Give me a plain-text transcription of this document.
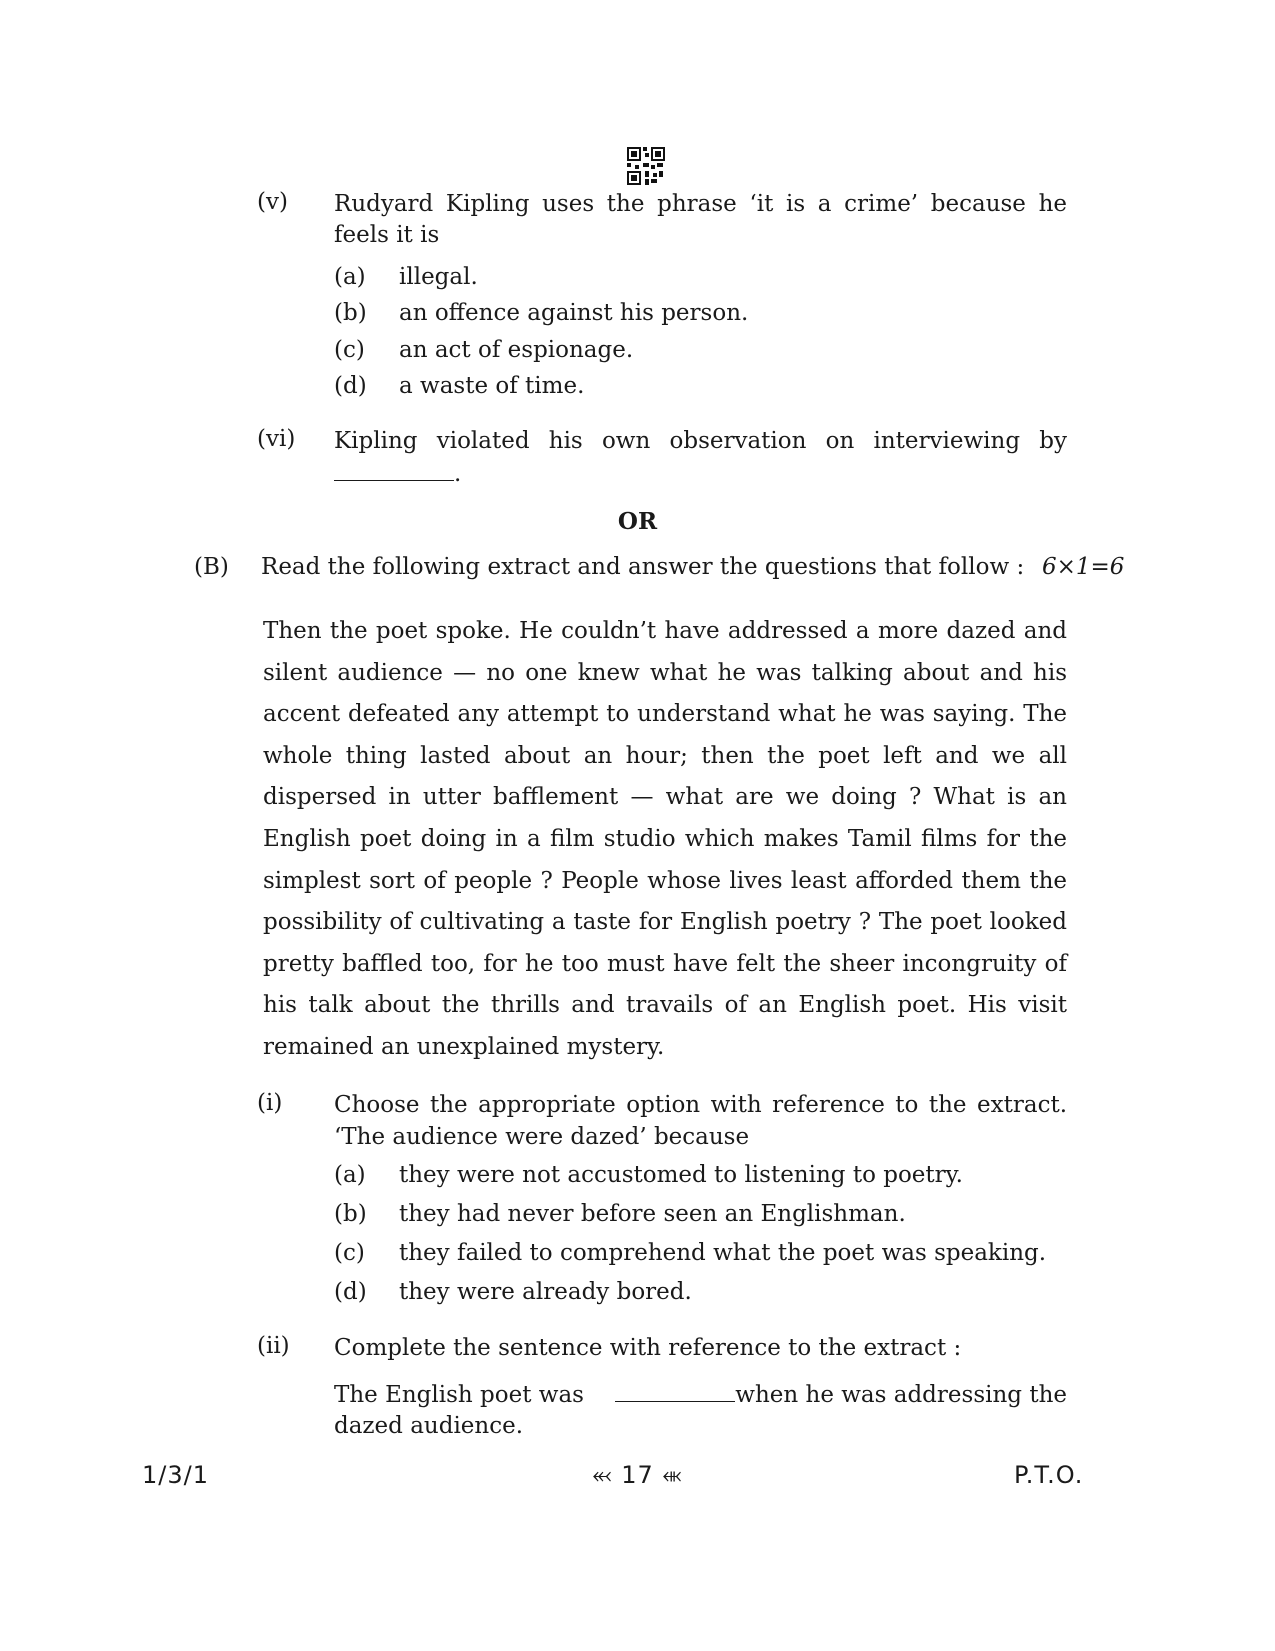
(v) Rudyard Kipling uses the phrase ‘it is a crime’ because he feels it is
(a) illegal.
(b) an offence against his person.
(c) an act of espionage.
(d) a waste of time.
(vi) Kipling violated his own observation on interviewing by
.
OR
(B) Read the following extract and answer the questions that follow : 6×1=6
Then the poet spoke. He couldn’t have addressed a more dazed and silent audience — no one knew what he was talking about and his accent defeated any attempt to understand what he was saying. The whole thing lasted about an hour; then the poet left and we all dispersed in utter bafflement — what are we doing ? What is an English poet doing in a film studio which makes Tamil films for the simplest sort of people ? People whose lives least afforded them the possibility of cultivating a taste for English poetry ? The poet looked pretty baffled too, for he too must have felt the sheer incongruity of his talk about the thrills and travails of an English poet. His visit remained an unexplained mystery.
(i) Choose the appropriate option with reference to the extract.
‘The audience were dazed’ because
(a) they were not accustomed to listening to poetry.
(b) they had never before seen an Englishman.
(c) they failed to comprehend what the poet was speaking.
(d) they were already bored.
(ii) Complete the sentence with reference to the extract :
The English poet was	when he was addressing the
dazed audience.
1/3/1	⬻ 17 ⬺	P.T.O.
